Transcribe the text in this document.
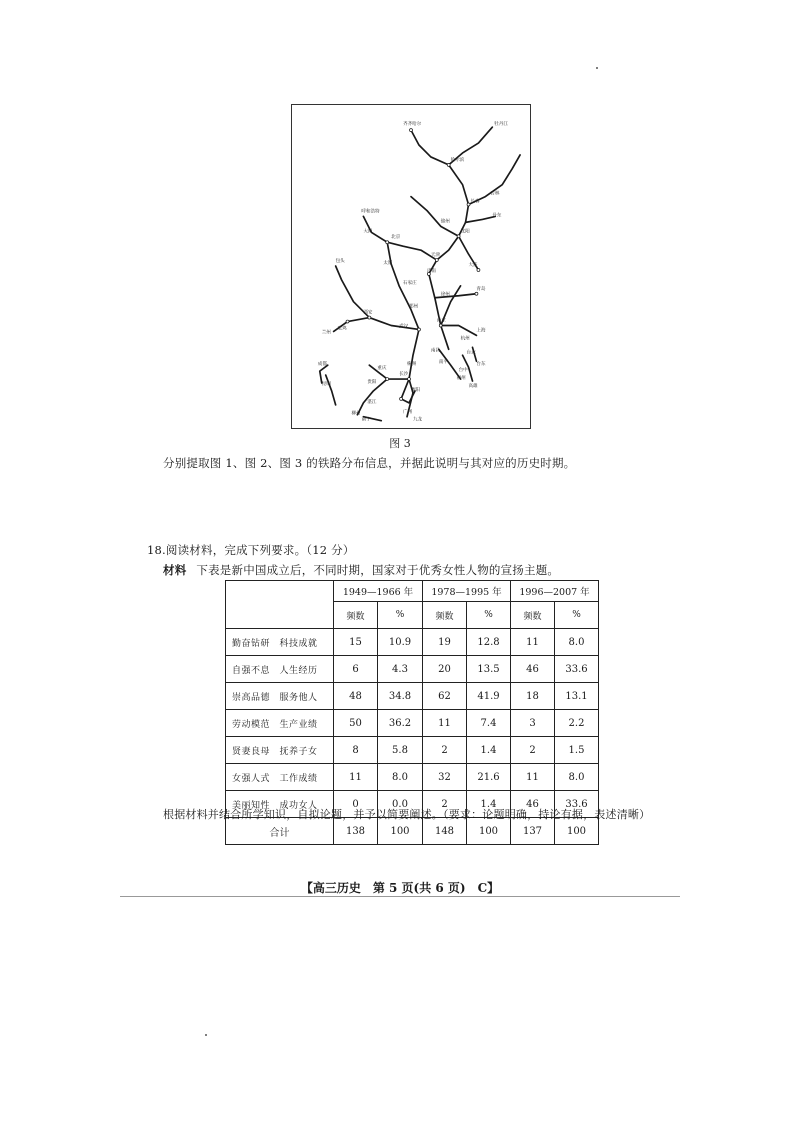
齐齐哈尔
哈尔滨
牡丹江
长春
吉林
沈阳
大连
丹东
锦州
北京
天津
呼和浩特
包头
大同
太原
石家庄
济南
青岛
郑州
徐州
南京
上海
杭州
宝鸡
西安
兰州
武汉
南昌
长沙
株洲
衡阳
柳州
南宁
广州
九龙
成都
贵阳
昆明
湛江
台北
台中
高雄
台东
重庆
福州
南平
图 3
分别提取图 1、图 2、图 3 的铁路分布信息，并据此说明与其对应的历史时期。
18.阅读材料，完成下列要求。（12 分）
材料 下表是新中国成立后，不同时期，国家对于优秀女性人物的宣扬主题。
	1949—1966 年		1978—1995 年		1996—2007 年	
	频数	%	频数	%	频数	%
勤奋钻研　科技成就	15	10.9	19	12.8	11	8.0
自强不息　人生经历	6	4.3	20	13.5	46	33.6
崇高品德　服务他人	48	34.8	62	41.9	18	13.1
劳动模范　生产业绩	50	36.2	11	7.4	3	2.2
贤妻良母　抚养子女	8	5.8	2	1.4	2	1.5
女强人式　工作成绩	11	8.0	32	21.6	11	8.0
美丽知性　成功女人	0	0.0	2	1.4	46	33.6
合计	138	100	148	100	137	100
根据材料并结合所学知识，自拟论题，并予以简要阐述。（要求：论题明确，持论有据，表述清晰）
【高三历史　第 5 页(共 6 页)　C】
